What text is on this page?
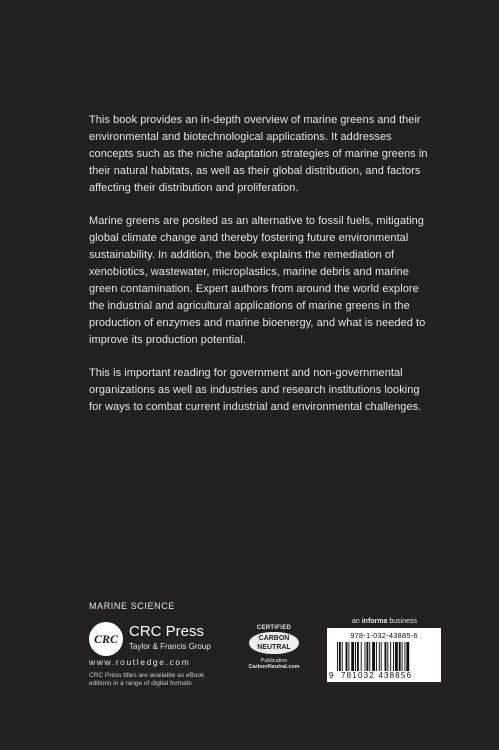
This book provides an in-depth overview of marine greens and their environmental and biotechnological applications. It addresses concepts such as the niche adaptation strategies of marine greens in their natural habitats, as well as their global distribution, and factors affecting their distribution and proliferation.

Marine greens are posited as an alternative to fossil fuels, mitigating global climate change and thereby fostering future environmental sustainability. In addition, the book explains the remediation of xenobiotics, wastewater, microplastics, marine debris and marine green contamination. Expert authors from around the world explore the industrial and agricultural applications of marine greens in the production of enzymes and marine bioenergy, and what is needed to improve its production potential.

This is important reading for government and non-governmental organizations as well as industries and research institutions looking for ways to combat current industrial and environmental challenges.

MARINE SCIENCE
CRC CRC Press
Taylor & Francis Group
www.routledge.com
CRC Press titles are available as eBook editions in a range of digital formats
CERTIFIED
CARBON
NEUTRAL
Publication
CarbonNeutral.com
an informa business
978-1-032-43885-6
9 781032 438856
